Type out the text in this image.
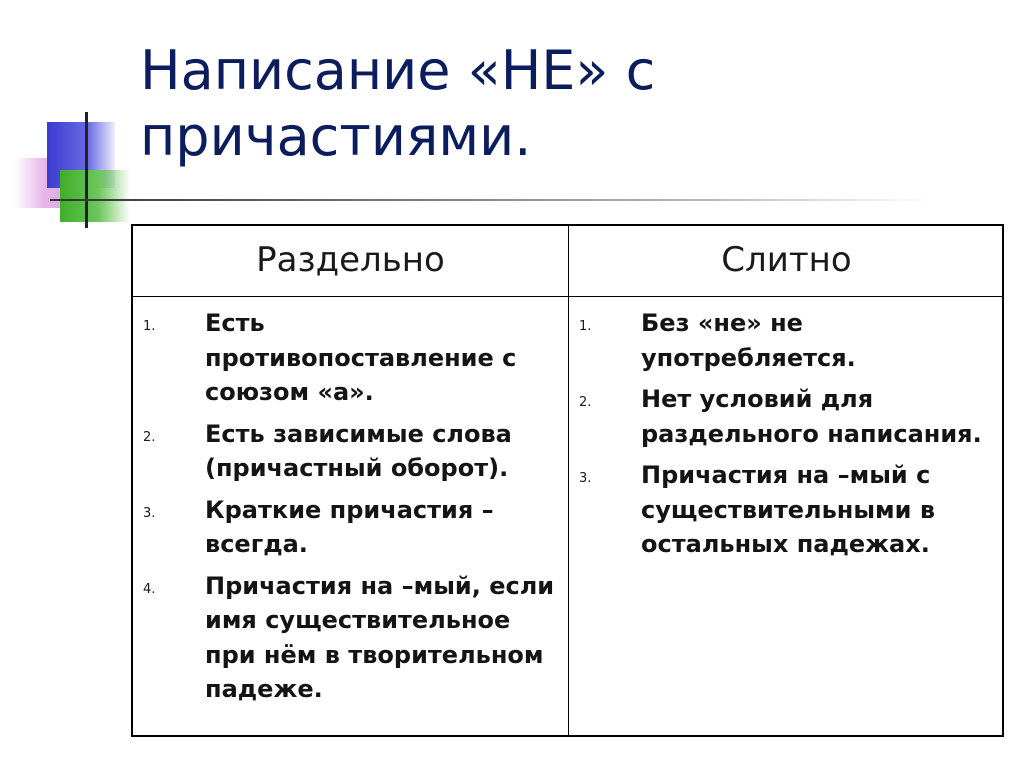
Написание «НЕ» с причастиями.
Раздельно	Слитно
1. Есть противопоставление с союзом «а».
2. Есть зависимые слова (причастный оборот).
3. Краткие причастия – всегда.
4. Причастия на –мый, если имя существительное при нём в творительном падеже.
1. Без «не» не употребляется.
2. Нет условий для раздельного написания.
3. Причастия на –мый с существительными в остальных падежах.
